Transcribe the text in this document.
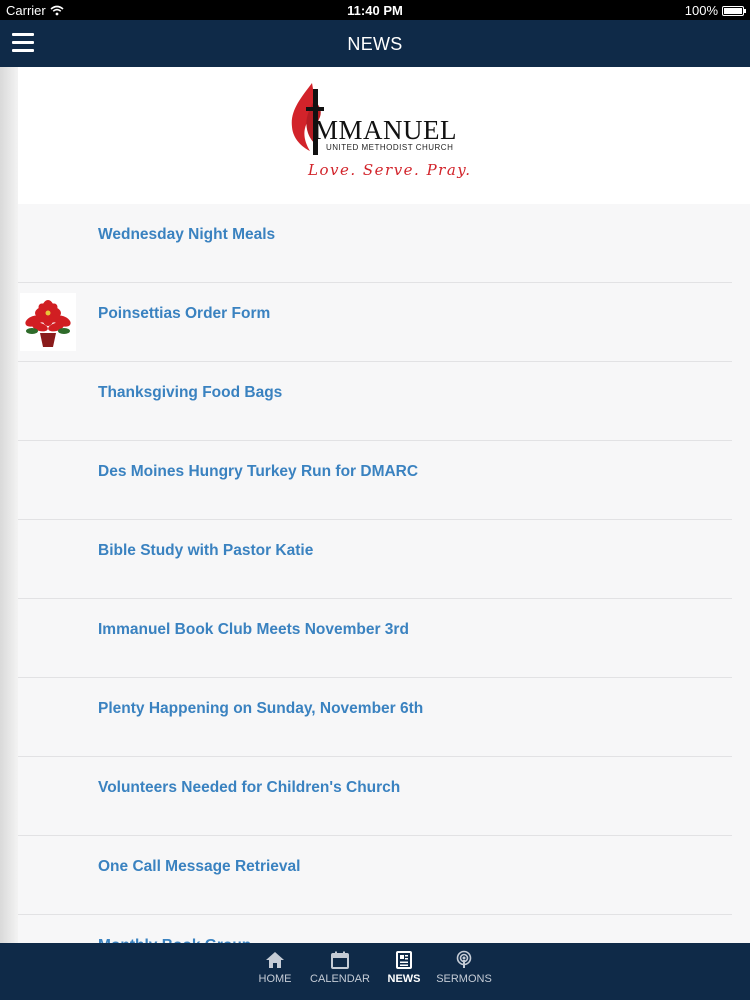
Carrier	11:40 PM	100%
NEWS
MMANUEL
UNITED METHODIST CHURCH
Love. Serve. Pray.
Wednesday Night Meals
Poinsettias Order Form
Thanksgiving Food Bags
Des Moines Hungry Turkey Run for DMARC
Bible Study with Pastor Katie
Immanuel Book Club Meets November 3rd
Plenty Happening on Sunday, November 6th
Volunteers Needed for Children's Church
One Call Message Retrieval
HOME	CALENDAR	NEWS	SERMONS
